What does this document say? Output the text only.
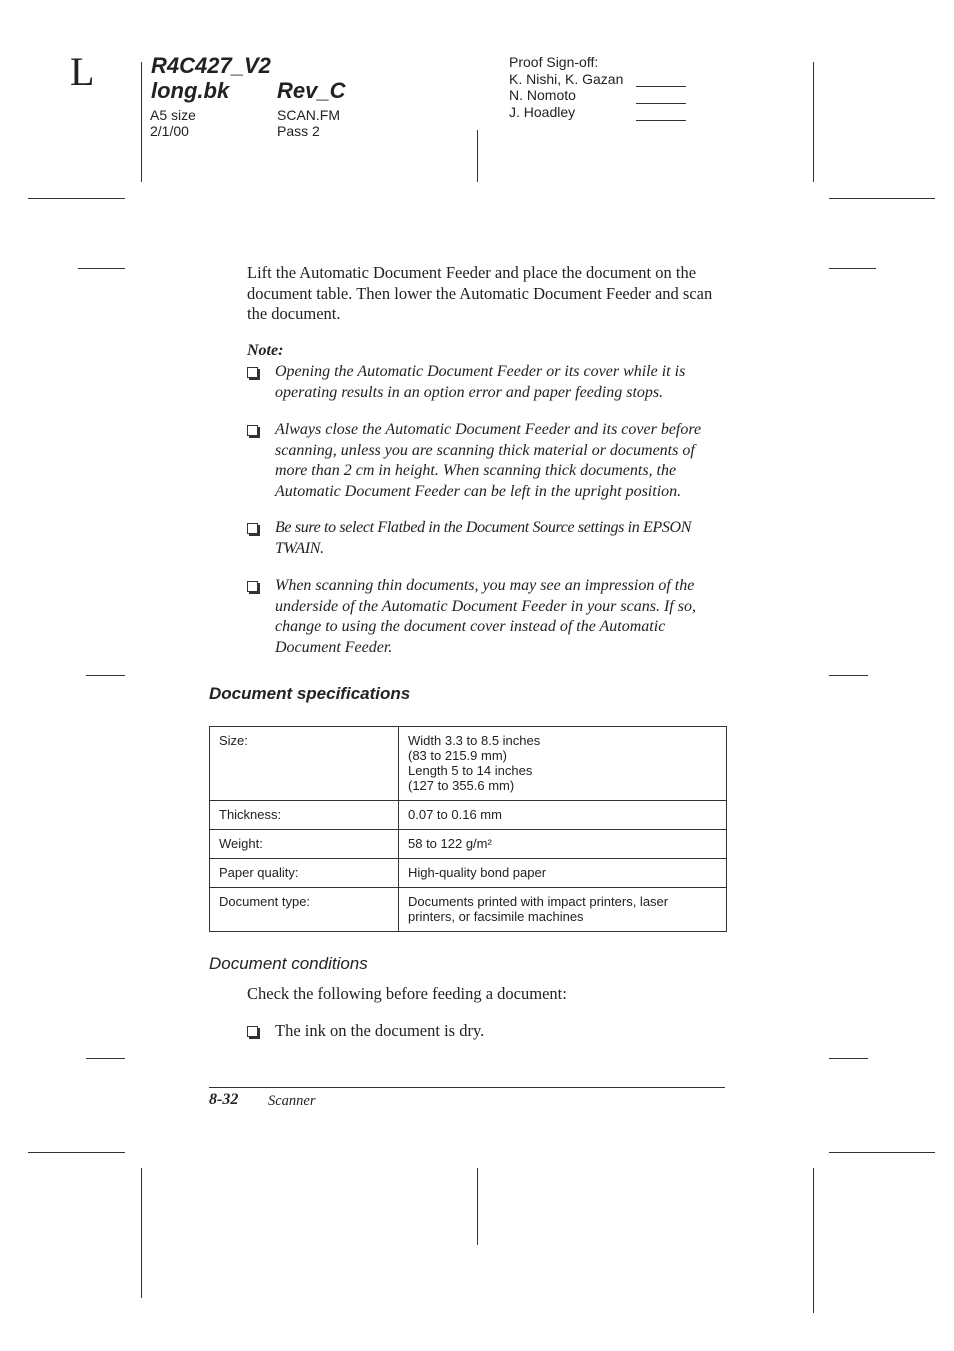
L	R4C427_V2
long.bk Rev_C
A5 size
2/1/00
SCAN.FM
Pass 2
Proof Sign-off:
K. Nishi, K. Gazan
N. Nomoto
J. Hoadley
Lift the Automatic Document Feeder and place the document on the document table. Then lower the Automatic Document Feeder and scan the document.
Note:
Opening the Automatic Document Feeder or its cover while it is operating results in an option error and paper feeding stops.
Always close the Automatic Document Feeder and its cover before scanning, unless you are scanning thick material or documents of more than 2 cm in height. When scanning thick documents, the Automatic Document Feeder can be left in the upright position.
Be sure to select Flatbed in the Document Source settings in EPSON TWAIN.
When scanning thin documents, you may see an impression of the underside of the Automatic Document Feeder in your scans. If so, change to using the document cover instead of the Automatic Document Feeder.
Document specifications
Size:	Width 3.3 to 8.5 inches
(83 to 215.9 mm)
Length 5 to 14 inches
(127 to 355.6 mm)

Thickness:	0.07 to 0.16 mm

Weight:	58 to 122 g/m²

Paper quality:	High-quality bond paper

Document type:	Documents printed with impact printers, laser
printers, or facsimile machines
Document conditions
Check the following before feeding a document:
The ink on the document is dry.
8-32 Scanner
